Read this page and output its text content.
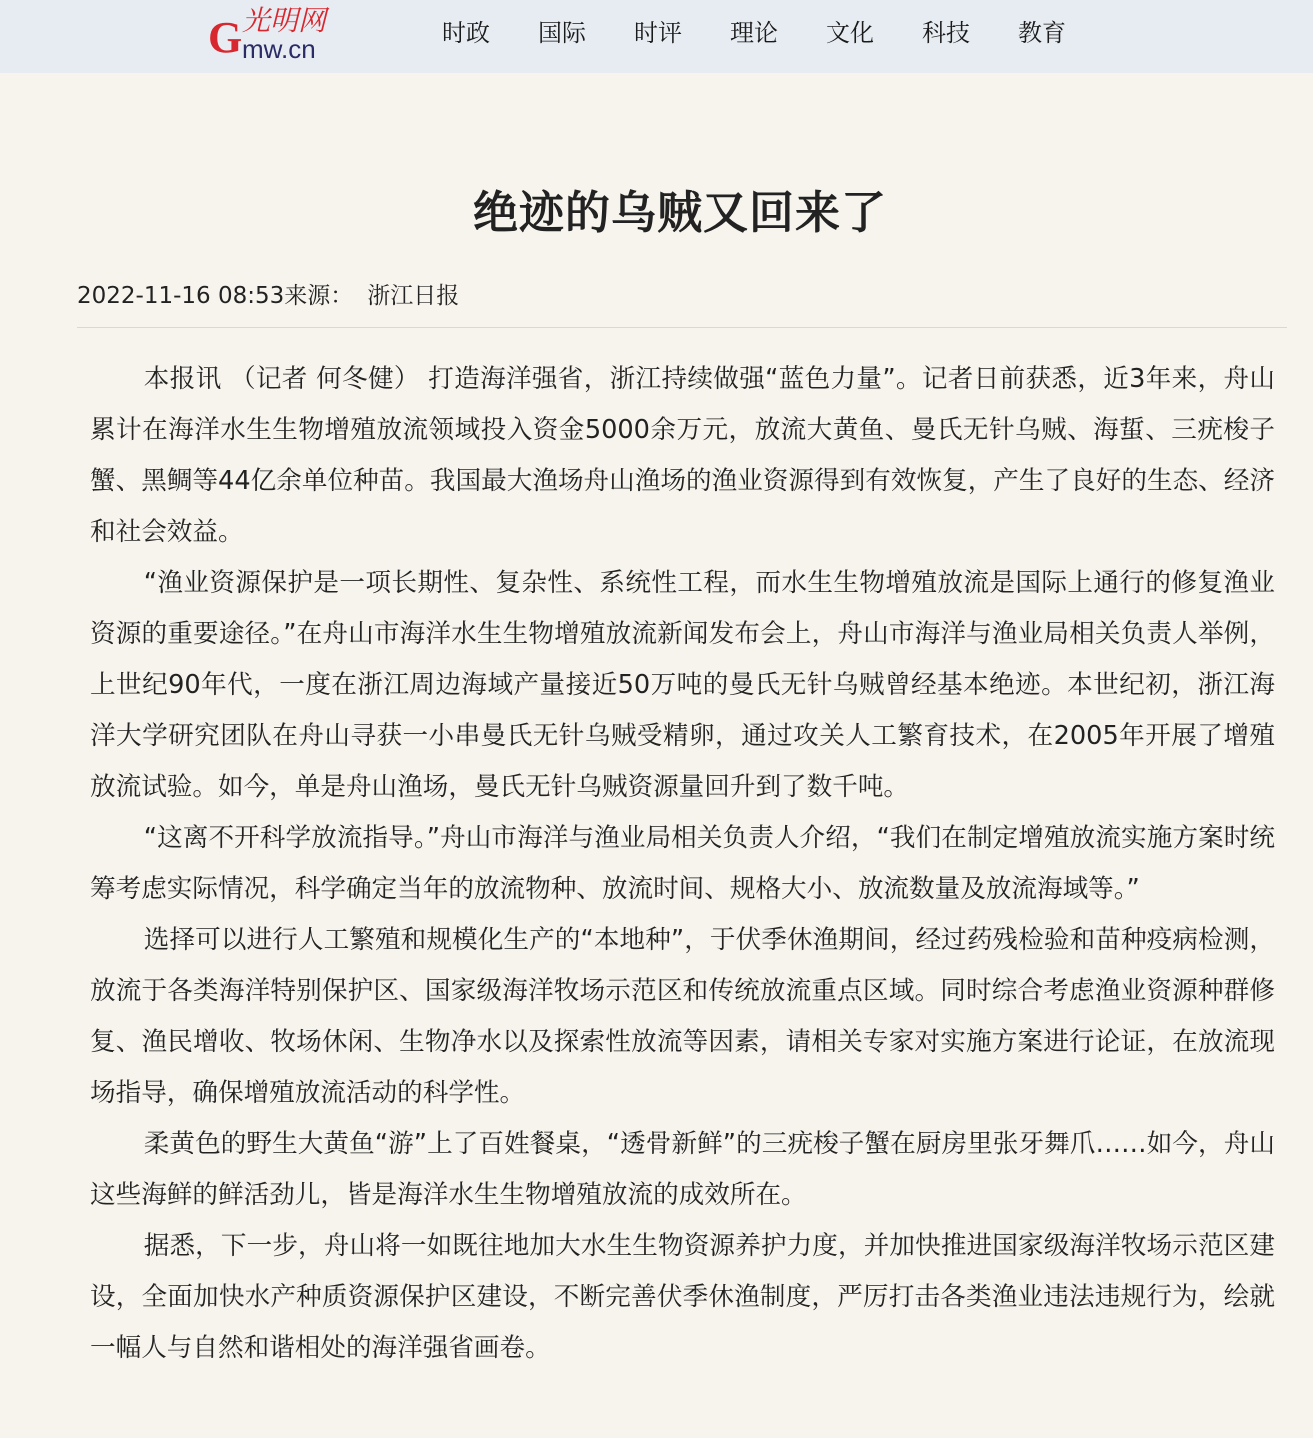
G 光明网
mw.cn
时政	国际	时评	理论	文化	科技	教育
绝迹的乌贼又回来了
2022-11-16 08:53来源： 浙江日报

本报讯 （记者 何冬健） 打造海洋强省，浙江持续做强“蓝色力量”。记者日前获悉，近3年来，舟山累计在海洋水生生物增殖放流领域投入资金5000余万元，放流大黄鱼、曼氏无针乌贼、海蜇、三疣梭子蟹、黑鲷等44亿余单位种苗。我国最大渔场舟山渔场的渔业资源得到有效恢复，产生了良好的生态、经济和社会效益。

“渔业资源保护是一项长期性、复杂性、系统性工程，而水生生物增殖放流是国际上通行的修复渔业资源的重要途径。”在舟山市海洋水生生物增殖放流新闻发布会上，舟山市海洋与渔业局相关负责人举例，上世纪90年代，一度在浙江周边海域产量接近50万吨的曼氏无针乌贼曾经基本绝迹。本世纪初，浙江海洋大学研究团队在舟山寻获一小串曼氏无针乌贼受精卵，通过攻关人工繁育技术，在2005年开展了增殖放流试验。如今，单是舟山渔场，曼氏无针乌贼资源量回升到了数千吨。

“这离不开科学放流指导。”舟山市海洋与渔业局相关负责人介绍，“我们在制定增殖放流实施方案时统筹考虑实际情况，科学确定当年的放流物种、放流时间、规格大小、放流数量及放流海域等。”

选择可以进行人工繁殖和规模化生产的“本地种”，于伏季休渔期间，经过药残检验和苗种疫病检测，放流于各类海洋特别保护区、国家级海洋牧场示范区和传统放流重点区域。同时综合考虑渔业资源种群修复、渔民增收、牧场休闲、生物净水以及探索性放流等因素，请相关专家对实施方案进行论证，在放流现场指导，确保增殖放流活动的科学性。

柔黄色的野生大黄鱼“游”上了百姓餐桌，“透骨新鲜”的三疣梭子蟹在厨房里张牙舞爪……如今，舟山这些海鲜的鲜活劲儿，皆是海洋水生生物增殖放流的成效所在。

据悉，下一步，舟山将一如既往地加大水生生物资源养护力度，并加快推进国家级海洋牧场示范区建设，全面加快水产种质资源保护区建设，不断完善伏季休渔制度，严厉打击各类渔业违法违规行为，绘就一幅人与自然和谐相处的海洋强省画卷。
